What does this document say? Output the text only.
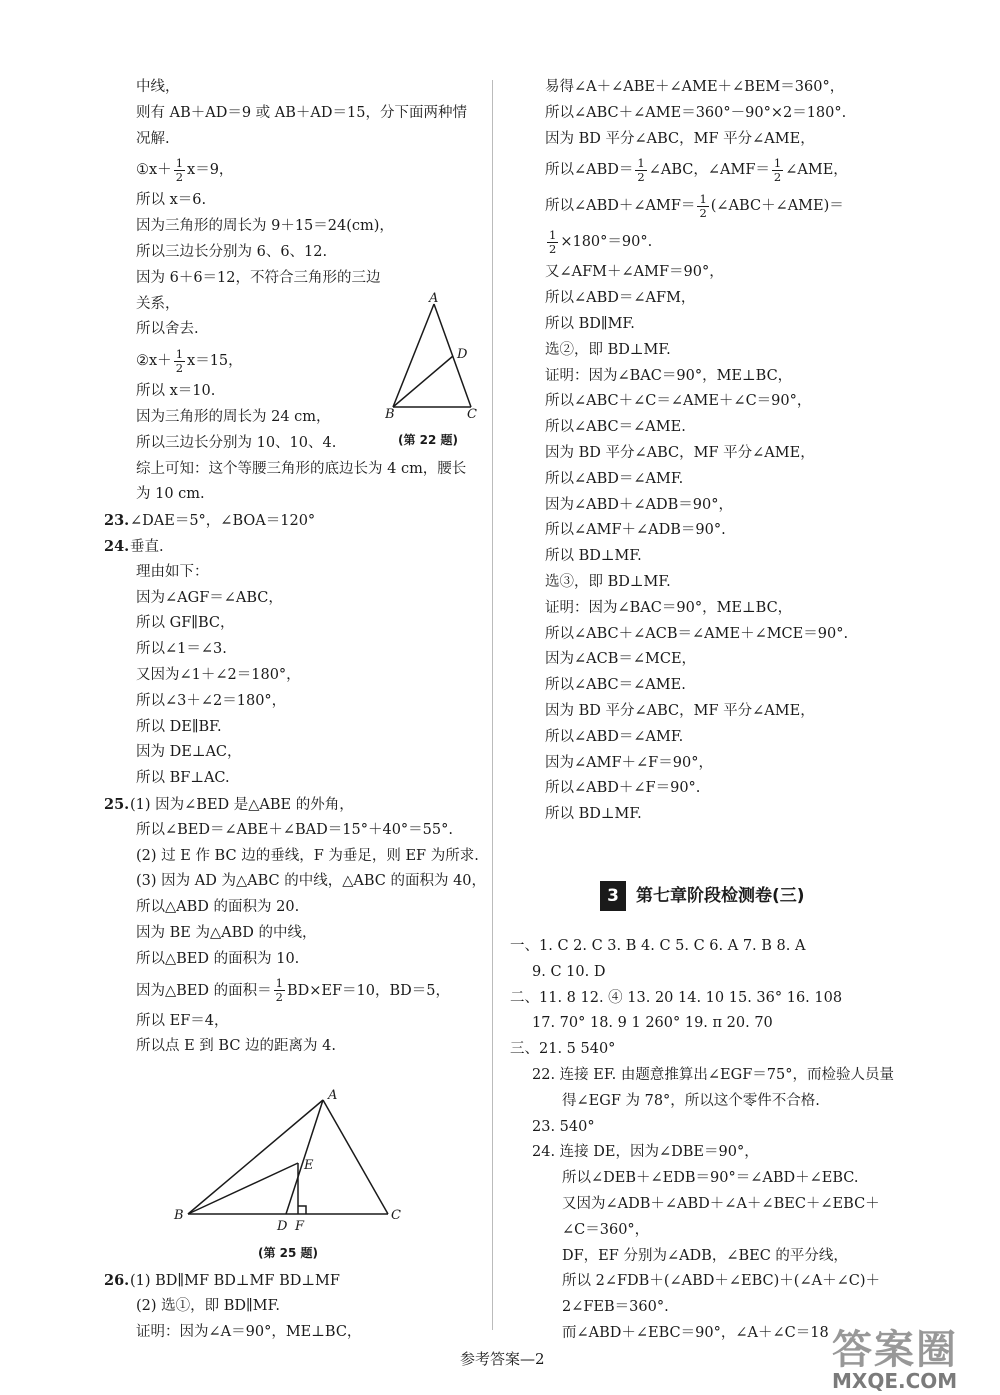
中线，
则有 AB＋AD＝9 或 AB＋AD＝15，分下面两种情
况解.
①x＋ $\frac{1}{2} x=9$，
所以 x＝6.
因为三角形的周长为 9＋15＝24(cm)，
所以三边长分别为 6、6、12.
因为 6＋6＝12，不符合三角形的三边
关系，
所以舍去.
②x＋ $\frac{1}{2} x=15$，
所以 x＝10.
因为三角形的周长为 24 cm，
所以三边长分别为 10、10、4.
综上可知：这个等腰三角形的底边长为 4 cm，腰长
为 10 cm.
23.∠DAE＝5°，∠BOA＝120°
24.垂直.
理由如下：
因为∠AGF＝∠ABC，
所以 GF∥BC，
所以∠1＝∠3.
又因为∠1＋∠2＝180°，
所以∠3＋∠2＝180°，
所以 DE∥BF.
因为 DE⊥AC，
所以 BF⊥AC.
25.(1) 因为∠BED 是△ABE 的外角，
所以∠BED＝∠ABE＋∠BAD＝15°＋40°＝55°.
(2) 过 E 作 BC 边的垂线，F 为垂足，则 EF 为所求.
(3) 因为 AD 为△ABC 的中线，△ABC 的面积为 40，
所以△ABD 的面积为 20.
因为 BE 为△ABD 的中线，
所以△BED 的面积为 10.
因为△BED 的面积＝ $\frac{1}{2} BD\times EF=10$，BD＝5，
所以 EF＝4，
所以点 E 到 BC 边的距离为 4.
26.(1) BD∥MF BD⊥MF BD⊥MF
(2) 选①，即 BD∥MF.
证明：因为∠A＝90°，ME⊥BC，
易得∠A＋∠ABE＋∠AME＋∠BEM＝360°，
所以∠ABC＋∠AME＝360°－90°×2＝180°.
因为 BD 平分∠ABC，MF 平分∠AME，
所以∠ABD＝ $\frac{1}{2}$ ∠ABC，∠AMF＝ $\frac{1}{2}$ ∠AME，
所以∠ABD＋∠AMF＝ $\frac{1}{2}$ (∠ABC＋∠AME)＝
$\frac{1}{2} \times 180^\circ=90^\circ$.
又∠AFM＋∠AMF＝90°，
所以∠ABD＝∠AFM，
所以 BD∥MF.
选②，即 BD⊥MF.
证明：因为∠BAC＝90°，ME⊥BC，
所以∠ABC＋∠C＝∠AME＋∠C＝90°，
所以∠ABC＝∠AME.
因为 BD 平分∠ABC，MF 平分∠AME，
所以∠ABD＝∠AMF.
因为∠ABD＋∠ADB＝90°，
所以∠AMF＋∠ADB＝90°.
所以 BD⊥MF.
选③，即 BD⊥MF.
证明：因为∠BAC＝90°，ME⊥BC，
所以∠ABC＋∠ACB＝∠AME＋∠MCE＝90°.
因为∠ACB＝∠MCE，
所以∠ABC＝∠AME.
因为 BD 平分∠ABC，MF 平分∠AME，
所以∠ABD＝∠AMF.
因为∠AMF＋∠F＝90°，
所以∠ABD＋∠F＝90°.
所以 BD⊥MF.
3 第七章阶段检测卷(三)
一、1. C 2. C 3. B 4. C 5. C 6. A 7. B 8. A
9. C 10. D
二、11. 8 12. ④ 13. 20 14. 10 15. 36° 16. 108
17. 70° 18. 9 1 260° 19. π 20. 70
三、21. 5 540°
22. 连接 EF. 由题意推算出∠EGF＝75°，而检验人员量
得∠EGF 为 78°，所以这个零件不合格.
23. 540°
24. 连接 DE，因为∠DBE＝90°，
所以∠DEB＋∠EDB＝90°＝∠ABD＋∠EBC.
又因为∠ADB＋∠ABD＋∠A＋∠BEC＋∠EBC＋
∠C＝360°，
DF，EF 分别为∠ADB，∠BEC 的平分线，
所以 2∠FDB＋(∠ABD＋∠EBC)＋(∠A＋∠C)＋
2∠FEB＝360°.
而∠ABD＋∠EBC＝90°，∠A＋∠C＝18
A
B	C
D
(第 22 题)
A
B	C
D
E
F
(第 25 题)
参考答案—2	答案圈
MXQE.COM
